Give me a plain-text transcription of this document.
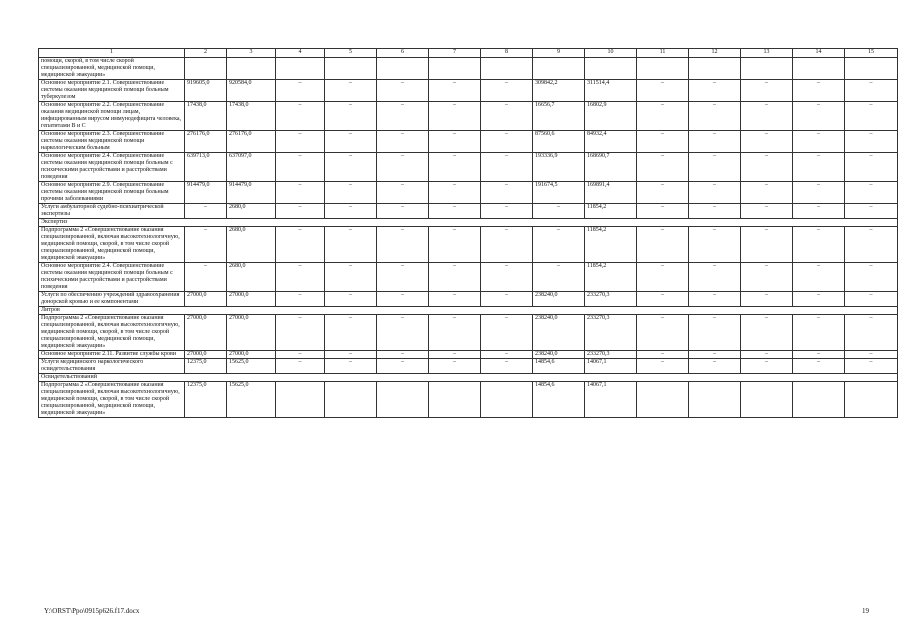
1	2	3	4	5	6	7	8	9	10	11	12	13	14	15
помощи, скорой, в том числе скорой специализированной, медицинской помощи, медицинской эвакуации»														
Основное мероприятие 2.1. Совершенствование системы оказания медицинской помощи больным туберкулезом	919605,0	920584,0	–	–	–	–	–	309842,2	311514,4	–	–	–	–	–
Основное мероприятие 2.2. Совершенствование оказания медицинской помощи лицам, инфицированным вирусом иммунодефицита человека, гепатитами B и C	17438,0	17438,0	–	–	–	–	–	16656,7	16802,9	–	–	–	–	–
Основное мероприятие 2.3. Совершенствование системы оказания медицинской помощи наркологическим больным	276176,0	276176,0	–	–	–	–	–	87560,6	84932,4	–	–	–	–	–
Основное мероприятие 2.4. Совершенствование системы оказания медицинской помощи больным с психическими расстройствами и расстройствами поведения	639713,0	637097,0	–	–	–	–	–	193336,9	168690,7	–	–	–	–	–
Основное мероприятие 2.9. Совершенствование системы оказания медицинской помощи больным прочими заболеваниями	914479,0	914479,0	–	–	–	–	–	191674,5	169891,4	–	–	–	–	–
Услуги амбулаторной судебно-психиатрической экспертизы	–	2680,0	–	–	–	–	–	–	11854,2	–	–	–	–	–
Экспертиз														
Подпрограмма 2 «Совершенствование оказания специализированной, включая высокотехнологичную, медицинской помощи, скорой, в том числе скорой специализированной, медицинской помощи, медицинской эвакуации»	–	2680,0	–	–	–	–	–	–	11854,2	–	–	–	–	–
Основное мероприятие 2.4. Совершенствование системы оказания медицинской помощи больным с психическими расстройствами и расстройствами поведения	–	2680,0	–	–	–	–	–	–	11854,2	–	–	–	–	–
Услуги по обеспечению учреждений здравоохранения донорской кровью и ее компонентами	27000,0	27000,0	–	–	–	–	–	238240,0	233270,3	–	–	–	–	–
Литров														
Подпрограмма 2 «Совершенствование оказания специализированной, включая высокотехнологичную, медицинской помощи, скорой, в том числе скорой специализированной, медицинской помощи, медицинской эвакуации»	27000,0	27000,0	–	–	–	–	–	238240,0	233270,3	–	–	–	–	–
Основное мероприятие 2.11. Развитие службы крови	27000,0	27000,0	–	–	–	–	–	238240,0	233270,3	–	–	–	–	–
Услуги медицинского наркологического освидетельствования	12375,0	15625,0	–	–	–	–	–	14854,6	14067,1	–	–	–	–	–
Освидетельствований														
Подпрограмма 2 «Совершенствование оказания специализированной, включая высокотехнологичную, медицинской помощи, скорой, в том числе скорой специализированной, медицинской помощи, медицинской эвакуации»	12375,0	15625,0						14854,6	14067,1					
Y:\ORST\Ppo\0915p626.f17.docx	19
